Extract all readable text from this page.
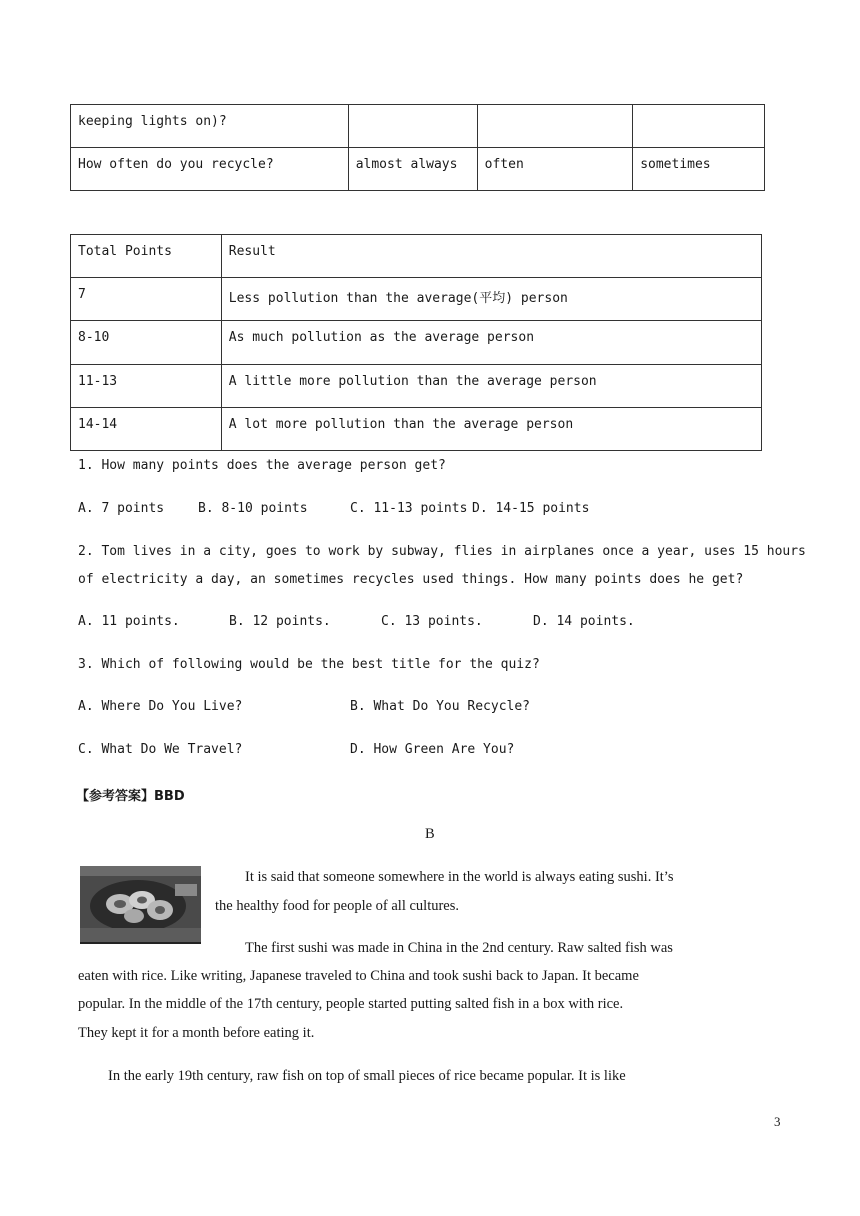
keeping lights on)?			

How often do you recycle?	almost always	often	sometimes
Total Points	Result

7	Less pollution than the average(平均) person

8-10	As much pollution as the average person

11-13	A little more pollution than the average person

14-14	A lot more pollution than the average person
1. How many points does the average person get?
A. 7 points	B. 8-10 points	C. 11-13 points D. 14-15 points
2. Tom lives in a city, goes to work by subway, flies in airplanes once a year, uses 15 hours
of electricity a day, an sometimes recycles used things. How many points does he get?
A. 11 points.	B. 12 points.	C. 13 points.	D. 14 points.
3. Which of following would be the best title for the quiz?
A. Where Do You Live?	B. What Do You Recycle?
C. What Do We Travel?	D. How Green Are You?
【参考答案】BBD
B
It is said that someone somewhere in the world is always eating sushi. It’s
the healthy food for people of all cultures.
The first sushi was made in China in the 2nd century. Raw salted fish was
eaten with rice. Like writing, Japanese traveled to China and took sushi back to Japan. It became
popular. In the middle of the 17th century, people started putting salted fish in a box with rice.
They kept it for a month before eating it.
In the early 19th century, raw fish on top of small pieces of rice became popular. It is like
3
